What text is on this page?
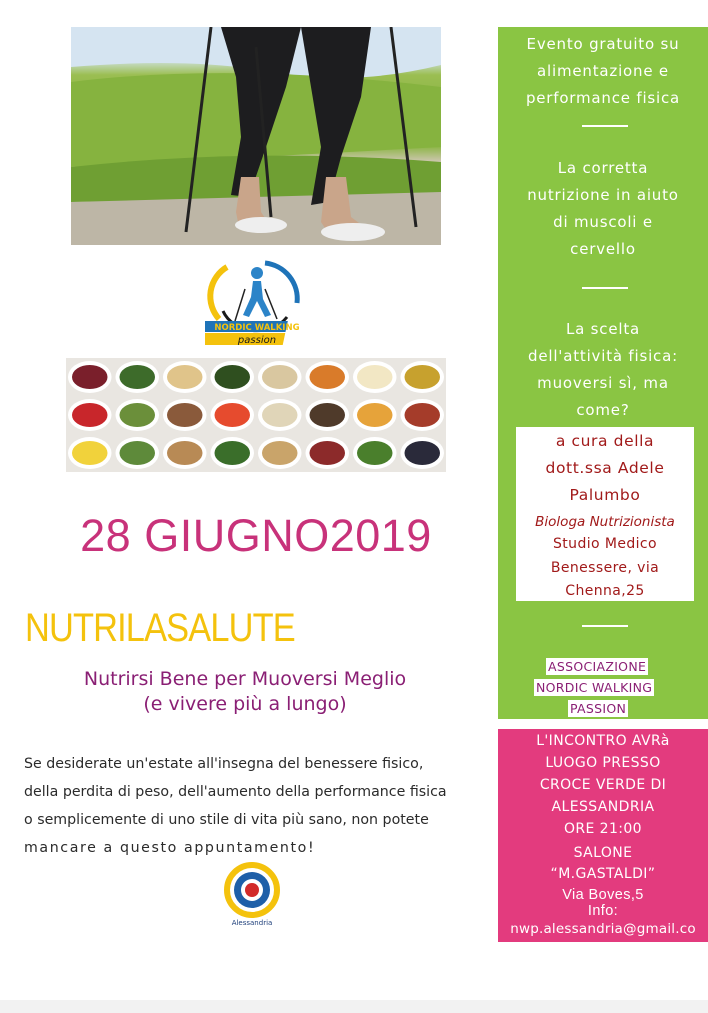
NORDIC WALKING
passion
28 GIUGNO2019
NUTRILASALUTE
Nutrirsi Bene per Muoversi Meglio
(e vivere più a lungo)
Se desiderate un'estate all'insegna del benessere fisico,
della perdita di peso, dell'aumento della performance fisica
o semplicemente di uno stile di vita più sano, non potete
mancare a questo appuntamento!
Alessandria
Evento gratuito su
alimentazione e
performance fisica
La corretta
nutrizione in aiuto
di muscoli e
cervello
La scelta
dell'attività fisica:
muoversi sì, ma
come?
a cura della
dott.ssa Adele
Palumbo
Biologa Nutrizionista
Studio Medico
Benessere, via
Chenna,25
ASSOCIAZIONE
NORDIC WALKING
PASSION
L'INCONTRO AVRà
LUOGO PRESSO
CROCE VERDE DI
ALESSANDRIA
ORE 21:00
SALONE
“M.GASTALDI”
Via Boves,5
Info:
nwp.alessandria@gmail.co
